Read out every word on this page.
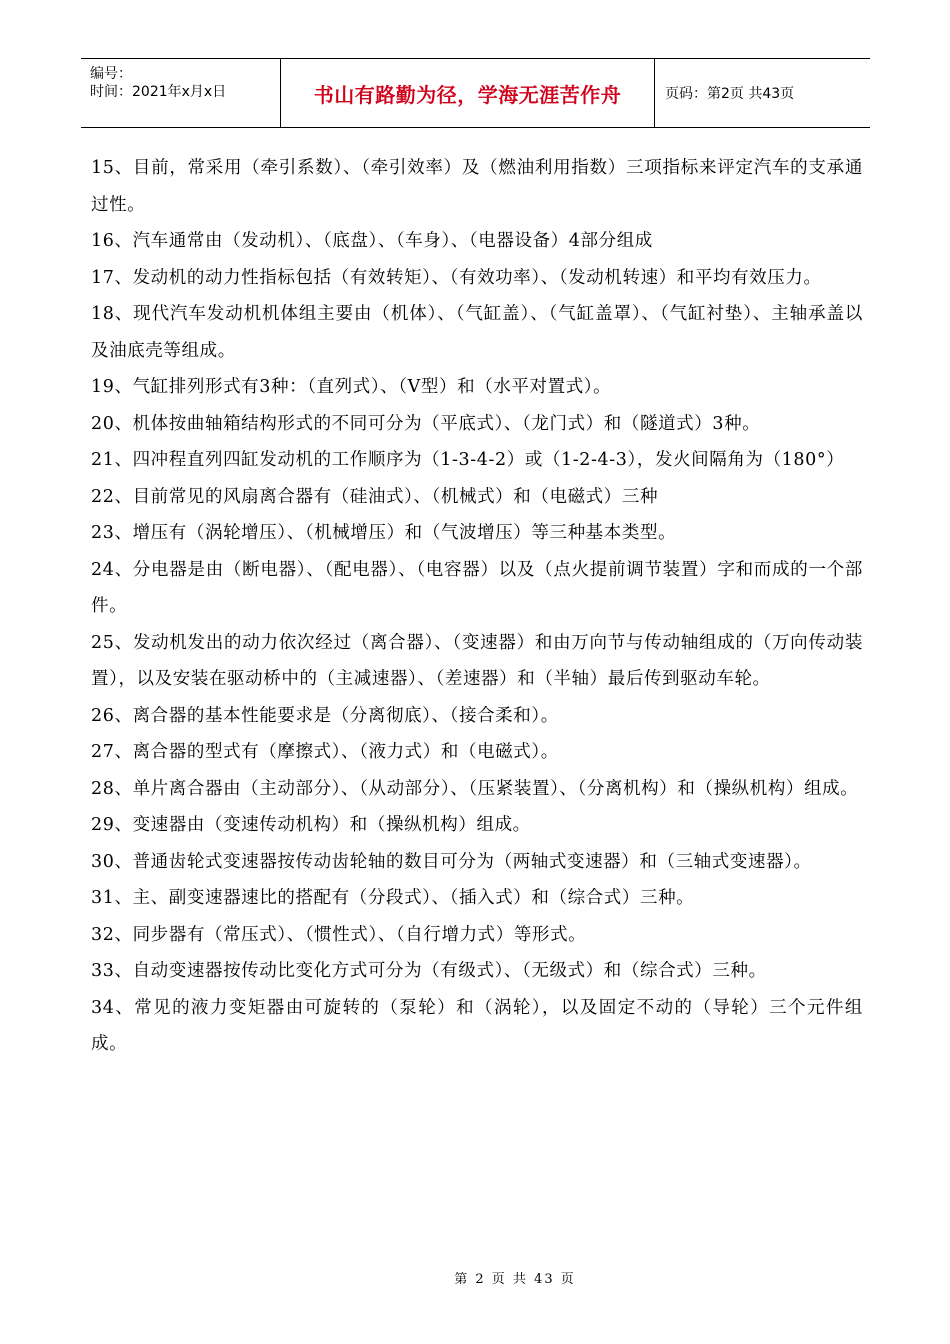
编号：
时间：2021年x月x日	书山有路勤为径，学海无涯苦作舟	页码：第2页 共43页
15、目前，常采用（牵引系数）、（牵引效率）及（燃油利用指数）三项指标来评定汽车的支承通过性。
16、汽车通常由（发动机）、（底盘）、（车身）、（电器设备）4部分组成
17、发动机的动力性指标包括（有效转矩）、（有效功率）、（发动机转速）和平均有效压力。
18、现代汽车发动机机体组主要由（机体）、（气缸盖）、（气缸盖罩）、（气缸衬垫）、主轴承盖以及油底壳等组成。
19、气缸排列形式有3种：（直列式）、（V型）和（水平对置式）。
20、机体按曲轴箱结构形式的不同可分为（平底式）、（龙门式）和（隧道式）3种。
21、四冲程直列四缸发动机的工作顺序为（1-3-4-2）或（1-2-4-3），发火间隔角为（180°）
22、目前常见的风扇离合器有（硅油式）、（机械式）和（电磁式）三种
23、增压有（涡轮增压）、（机械增压）和（气波增压）等三种基本类型。
24、分电器是由（断电器）、（配电器）、（电容器）以及（点火提前调节装置）字和而成的一个部件。
25、发动机发出的动力依次经过（离合器）、（变速器）和由万向节与传动轴组成的（万向传动装置），以及安装在驱动桥中的（主减速器）、（差速器）和（半轴）最后传到驱动车轮。
26、离合器的基本性能要求是（分离彻底）、（接合柔和）。
27、离合器的型式有（摩擦式）、（液力式）和（电磁式）。
28、单片离合器由（主动部分）、（从动部分）、（压紧装置）、（分离机构）和（操纵机构）组成。
29、变速器由（变速传动机构）和（操纵机构）组成。
30、普通齿轮式变速器按传动齿轮轴的数目可分为（两轴式变速器）和（三轴式变速器）。
31、主、副变速器速比的搭配有（分段式）、（插入式）和（综合式）三种。
32、同步器有（常压式）、（惯性式）、（自行增力式）等形式。
33、自动变速器按传动比变化方式可分为（有级式）、（无级式）和（综合式）三种。
34、常见的液力变矩器由可旋转的（泵轮）和（涡轮），以及固定不动的（导轮）三个元件组成。
第 2 页 共 43 页
